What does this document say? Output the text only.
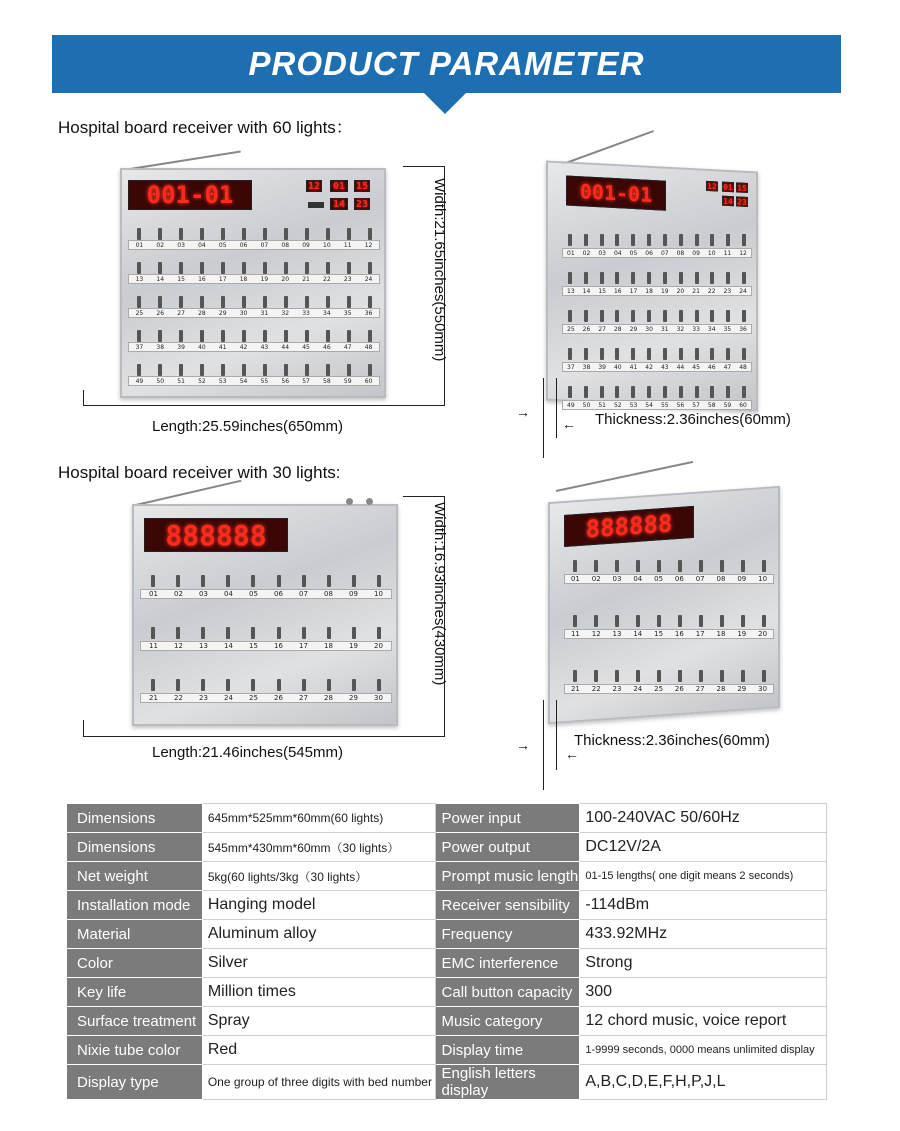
PRODUCT PARAMETER
Hospital board receiver with 60 lights：
001-01	12 01 15
14 23
01 02 03 04 05 06 07 08 09 10 11 12
13 14 15 16 17 18 19 20 21 22 23 24
25 26 27 28 29 30 31 32 33 34 35 36
37 38 39 40 41 42 43 44 45 46 47 48
49 50 51 52 53 54 55 56 57 58 59 60
Width:21.65inches(550mm)
Length:25.59inches(650mm)
001-01	12 01 15
14 23
01 02 03 04 05 06 07 08 09 10 11 12
13 14 15 16 17 18 19 20 21 22 23 24
25 26 27 28 29 30 31 32 33 34 35 36
37 38 39 40 41 42 43 44 45 46 47 48
49 50 51 52 53 54 55 56 57 58 59 60
→
← Thickness:2.36inches(60mm)
Hospital board receiver with 30 lights:
888888
01 02 03 04 05 06 07 08 09 10
11 12 13 14 15 16 17 18 19 20
21 22 23 24 25 26 27 28 29 30
Width:16.93inches(430mm)
Length:21.46inches(545mm)
888888
01 02 03 04 05 06 07 08 09 10
11 12 13 14 15 16 17 18 19 20
21 22 23 24 25 26 27 28 29 30
→
←
Thickness:2.36inches(60mm)
Dimensions	645mm*525mm*60mm(60 lights)	Power input	100-240VAC 50/60Hz
Dimensions	545mm*430mm*60mm（30 lights）	Power output	DC12V/2A
Net weight	5kg(60 lights/3kg（30 lights）	Prompt music length	01-15 lengths( one digit means 2 seconds)
Installation mode	Hanging model	Receiver sensibility	-114dBm
Material	Aluminum alloy	Frequency	433.92MHz
Color	Silver	EMC interference	Strong
Key life	Million times	Call button capacity	300
Surface treatment	Spray	Music category	12 chord music, voice report
Nixie tube color	Red	Display time	1-9999 seconds, 0000 means unlimited display
Display type	One group of three digits with bed number	English letters display	A,B,C,D,E,F,H,P,J,L
